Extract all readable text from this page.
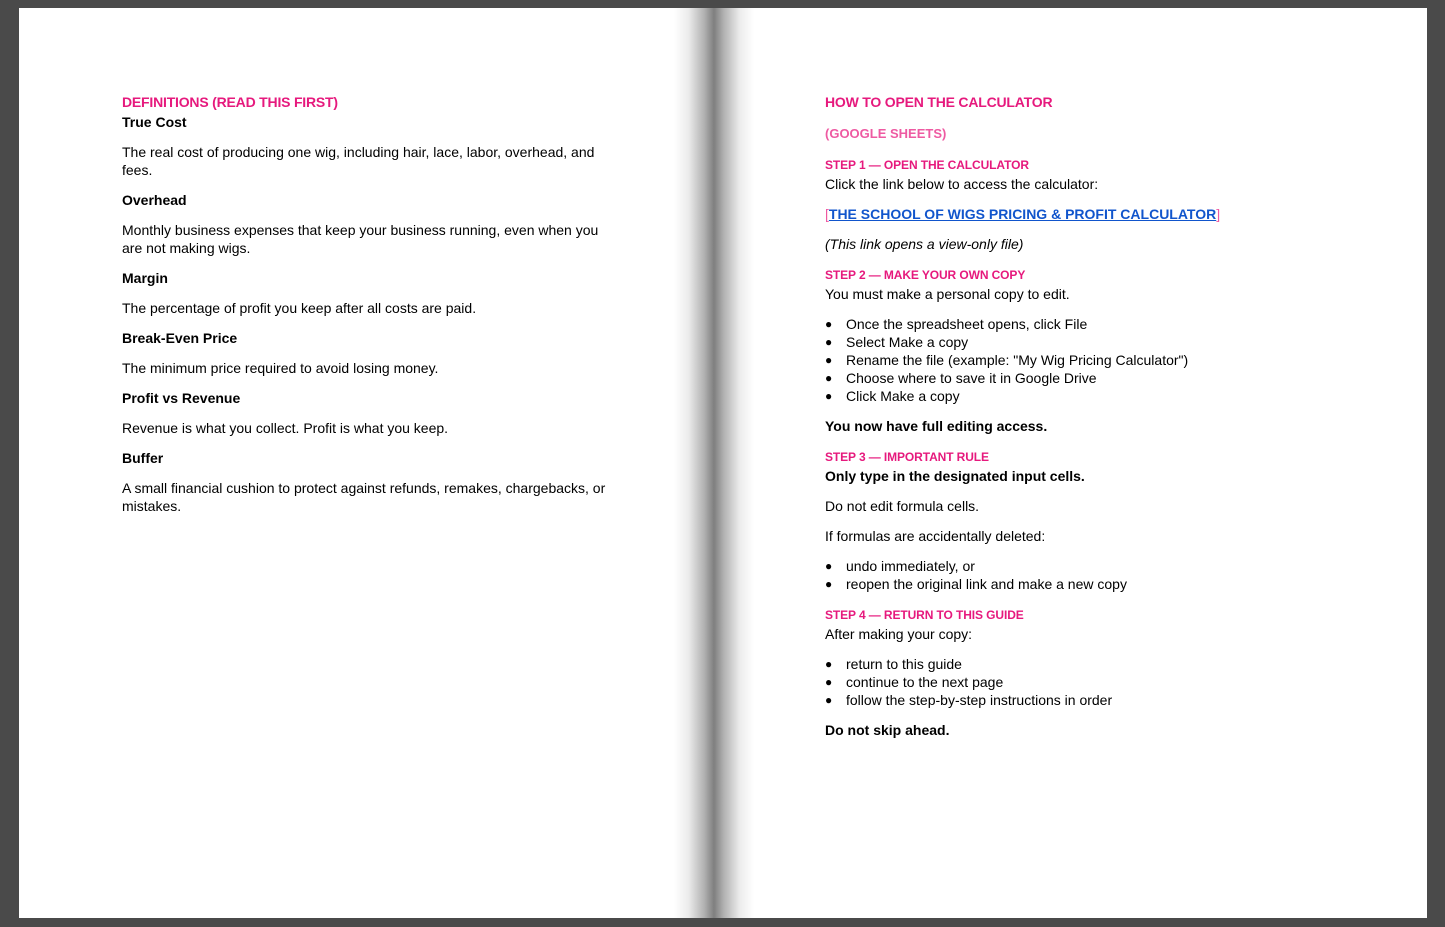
DEFINITIONS (READ THIS FIRST)
True Cost

The real cost of producing one wig, including hair, lace, labor, overhead, and fees.

Overhead

Monthly business expenses that keep your business running, even when you are not making wigs.

Margin

The percentage of profit you keep after all costs are paid.

Break-Even Price

The minimum price required to avoid losing money.

Profit vs Revenue

Revenue is what you collect. Profit is what you keep.

Buffer

A small financial cushion to protect against refunds, remakes, chargebacks, or mistakes.

HOW TO OPEN THE CALCULATOR
(GOOGLE SHEETS)
STEP 1 — OPEN THE CALCULATOR

Click the link below to access the calculator:

[THE SCHOOL OF WIGS PRICING & PROFIT CALCULATOR]

(This link opens a view-only file)

STEP 2 — MAKE YOUR OWN COPY

You must make a personal copy to edit.

● Once the spreadsheet opens, click File
● Select Make a copy
● Rename the file (example: "My Wig Pricing Calculator")
● Choose where to save it in Google Drive
● Click Make a copy

You now have full editing access.

STEP 3 — IMPORTANT RULE

Only type in the designated input cells.

Do not edit formula cells.

If formulas are accidentally deleted:

● undo immediately, or
● reopen the original link and make a new copy
STEP 4 — RETURN TO THIS GUIDE

After making your copy:

● return to this guide
● continue to the next page
● follow the step-by-step instructions in order

Do not skip ahead.
